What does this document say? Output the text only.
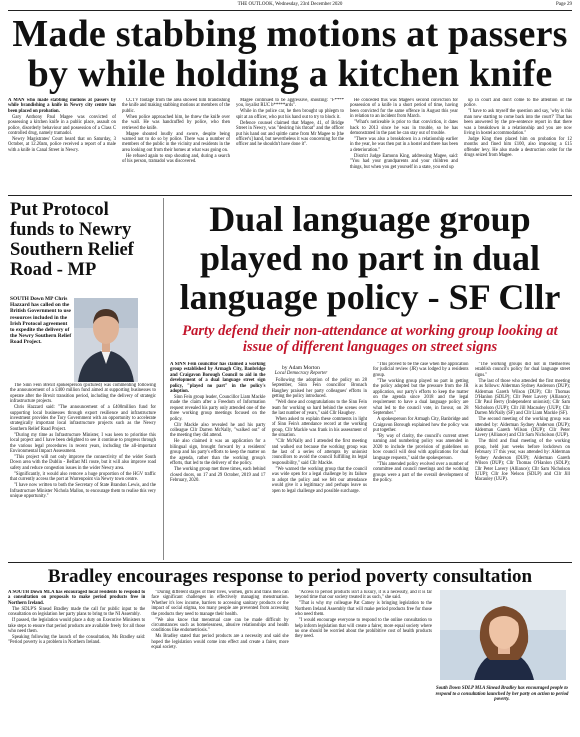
THE OUTLOOK, Wednesday, 23rd December 2020	Page 29
Made stabbing motions at passers by while holding a kitchen knife

A MAN who made stabbing motions at passers by while brandishing a knife in Newry city centre has been placed on probation.

Gary Anthony Paul Magee was convicted of possessing a kitchen knife in a public place, assault on police, disorderly behaviour and possession of a Class C controlled drug, namely tramadol.

Newry Magistrates' Court heard that on Saturday, 3 October, at 12.20am, police received a report of a male with a knife in Canal Street in Newry.

CCTV footage from the area showed him brandishing the knife and making stabbing motions at members of the public.

When police approached him, he threw the knife over the wall. He was handcuffed by police, who then retrieved the knife.

Magee shouted loudly and swore, despite being warned not to do so by police. There was a number of members of the public in the vicinity and residents in the area looking out from their homes at what was going on.

He refused again to stop shouting and, during a search of his person, tramadol was discovered.

Magee continued to be aggressive, shouting: "F**** you, loyalist RUC b*****ards".

While in the police car, he then brought up phlegm to spit at an officer, who put his hand out to try to block it.

Defence counsel claimed that Magee, 41, of Bridge Street in Newry, was "desiring his throat" and the officer put his hand out and spittle came from Mr Magee to [the officer's] hand, but nevertheless it was concerning for the officer and he shouldn't have done it".

He conceded this was Magee's second conviction for possession of a knife in a short period of time, having been convicted for the same offence in August this year in relation to an incident from March.

"What's noticeable is prior to that conviction, it dates back to 2013 since he was in trouble, so he has demonstrated in the past he can stay out of trouble.

"There was also a breakdown in a relationship earlier in the year, he was then put in a hostel and there has been a deterioration."

District Judge Eamonn King, addressing Magee, said: "You had your grandparents and your children and things, but when you get yourself in a state, you end up

up in court and don't come to the attention of the police.

"I have to ask myself the question and say, 'why is this man now starting to come back into the court?' That has been answered by the pre-sentence report in that there was a breakdown in a relationship and you are now living in hostel accommodation."

Judge King then placed him on probation for 12 months and fined him £100, also imposing a £15 offender levy. He also made a destruction order for the drugs seized from Magee.

Put Protocol funds to Newry Southern Relief Road - MP

SOUTH Down MP Chris Hazzard has called on the British Government to use resources included in the Irish Protocol agreement to expedite the delivery of the Newry Southern Relief Road Project.

The Sinn Féin Brexit spokesperson (pictured) was commenting following the announcement of a £400 million fund aimed at supporting businesses to operate after the Brexit transition period, including the delivery of strategic infrastructure projects.

Chris Hazzard said: "The announcement of a £400million fund for supporting local businesses through export resilience and infrastructure investment provides the Tory Government with an opportunity to accelerate strategically important local infrastructure projects such as the Newry Southern Relief Road Project.

"During my time as Infrastructure Minister, I was keen to prioritise this local project and I have been delighted to see it continue to progress through the various legal procedures in recent years, including the all-important Environmental Impact Assessment.

"This project will not only improve the connectivity of the wider South Down area with the Dublin - Belfast M1 route, but it will also improve road safety and reduce congestion issues in the wider Newry area.

"Significantly, it would also remove a huge proportion of the HGV traffic that currently access the port at Warrenpoint via Newry town centre.

"I have now written to both the Secretary of State Brandon Lewis, and the Infrastructure Minister Nichola Mallon, to encourage them to realise this very unique opportunity."

Dual language group played no part in dual language policy - SF Cllr
Party defend their non-attendance at working group looking at issue of different languages on street signs
by Adam Morton
Local Democracy Reporter

A SINN Fein councillor has claimed a working group established by Armagh City, Banbridge and Craigavon Borough Council to aid in the development of a dual language street sign policy, "played no part" in the policy's adoption.

Sinn Fein group leader, Councillor Liam Mackle made the claim after a Freedom of Information request revealed his party only attended one of the three working group meetings focused on the policy.

Cllr Mackle also revealed he and his party colleague Cllr Darren McNally, "walked out" of the meeting they did attend.

He also claimed it was an application for a bilingual sign, brought forward by a residents' group and his party's efforts to keep the matter on the agenda, rather than the working group's efforts, that led to the delivery of the policy.

The working group met three times, each behind closed doors, on 17 and 29 October, 2019 and 17 February, 2020.

Following the adoption of the policy on 28 September, Sinn Fein councillor Bronach Haughey praised her party colleagues' efforts in getting the policy introduced.

"Well done and congratulations to the Sinn Fein team for working so hard behind the scenes over the last number of years," said Cllr Haughey.

When asked to explain these comments in light of Sinn Fein's attendance record at the working group, Cllr Mackle was frank in his assessment of the situation.

"Cllr McNally and I attended the first meeting and walked out because the working group was the last of a series of attempts by unionist councillors to avoid the council fulfilling its legal responsibility," said Cllr Mackle.

"We warned the working group that the council was wide open for a legal challenge by its failure to adopt the policy and we felt our attendance would give it a legitimacy and perhaps leave us open to legal challenge and possible surcharge.

"This proved to be the case when the application for judicial review (JR) was lodged by a residents group.

"The working group played no part in getting the policy adopted but the pressure from the JR application, our party's efforts to keep the matter on the agenda since 2018 and the legal requirement to have a dual language policy are what led to the council vote, in favour, on 28 September."

A spokesperson for Armagh City, Banbridge and Craigavon Borough explained how the policy was put together.

"By way of clarity, the council's current street naming and numbering policy was amended in 2020 to include the provision of guidelines on how council will deal with applications for dual language requests," said the spokesperson.

"This amended policy evolved over a number of committee and council meetings and the working groups were a part of the overall development of the policy.

"The working groups did not in themselves establish council's policy for dual language street signs."

The last of those who attended the first meeting is as follows: Alderman Sydney Anderson (DUP); Alderman Gareth Wilson (DUP); Cllr Thomas O'Hanlon (SDLP); Cllr Peter Lavery (Alliance); Cllr Paul Berry (Independent unionist); Cllr Sam Nicholson (UUP); Cllr Jill Macauley (UUP); Cllr Darren McNally (SF) and Cllr Liam Mackle (SF).

The second meeting of the working group was attended by: Alderman Sydney Anderson (DUP); Alderman Gareth Wilson (DUP); Cllr Peter Lavery (Alliance) and Cllr Sam Nicholson (UUP).

The third and final meeting of the working group, held just weeks before lockdown on February 17 this year, was attended by: Alderman Sydney Anderson (DUP); Alderman Gareth Wilson (DUP); Cllr Thomas O'Hanlon (SDLP); Cllr Peter Lavery (Alliance); Cllr Sam Nicholson (UUP); Cllr Joe Nelson (SDLP) and Cllr Jill Macauley (UUP).

Bradley encourages response to period poverty consultation

A SOUTH Down MLA has encouraged local residents to respond to a consultation on proposals to make period products free in Northern Ireland.

The SDLP'S Sinead Bradley made the call for public input to the consultation on legislation her party plans to bring to the NI Assembly.

If passed, the legislation would place a duty on Executive Ministers to take steps to ensure that period products are available freely for all those who need them.

Speaking following the launch of the consultation, Ms Bradley said: "Period poverty is a problem in Northern Ireland.

"During different stages of their lives, women, girls and trans men can face significant challenges in effectively managing menstruation. Whether it's low income, barriers to accessing sanitary products or the impact of social stigma, too many people are prevented from accessing the products they need to manage their health.

"We also know that menstrual care can be made difficult by circumstances such as homelessness, abusive relationships and health conditions like endometriosis."

Ms Bradley stated that period products are a necessity and said she hoped the legislation would come into effect and create a fairer, more equal society.

"Access to period products isn't a luxury, it is a necessity, and it is far beyond time that our society treated it as such," she said.

"That is why my colleague Pat Catney is bringing legislation to the Northern Ireland Assembly that will make period products free for those who need them.

"I would encourage everyone to respond to the online consultation to help inform legislation that will create a fairer, more equal society where no one should be worried about the prohibitive cost of health products they need.

South Down SDLP MLA Sinead Bradley has encouraged people to respond to a consultation launched by her party on action to period poverty.
